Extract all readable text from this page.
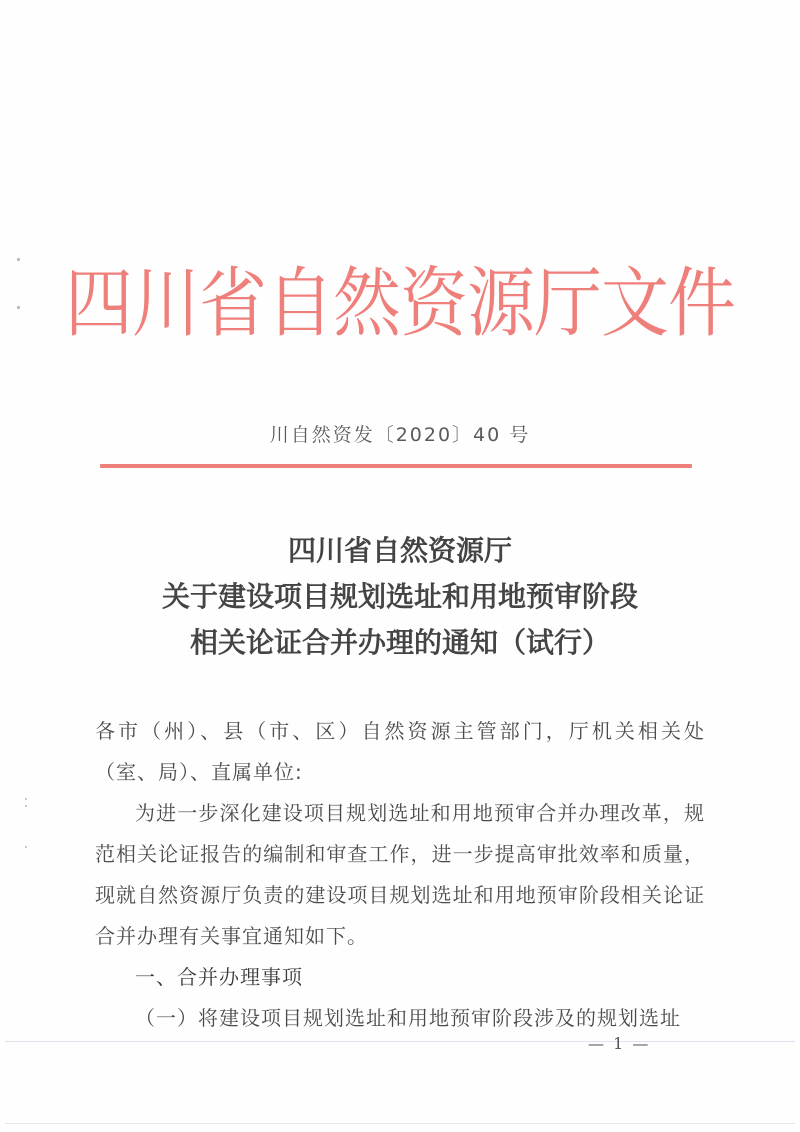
四川省自然资源厅文件
川自然资发〔2020〕40 号
四川省自然资源厅
关于建设项目规划选址和用地预审阶段
相关论证合并办理的通知（试行）

各市（州）、县（市、区）自然资源主管部门，厅机关相关处（室、局）、直属单位:

为进一步深化建设项目规划选址和用地预审合并办理改革，规范相关论证报告的编制和审查工作，进一步提高审批效率和质量，现就自然资源厅负责的建设项目规划选址和用地预审阶段相关论证合并办理有关事宜通知如下。

一、合并办理事项

（一）将建设项目规划选址和用地预审阶段涉及的规划选址

— 1 —
